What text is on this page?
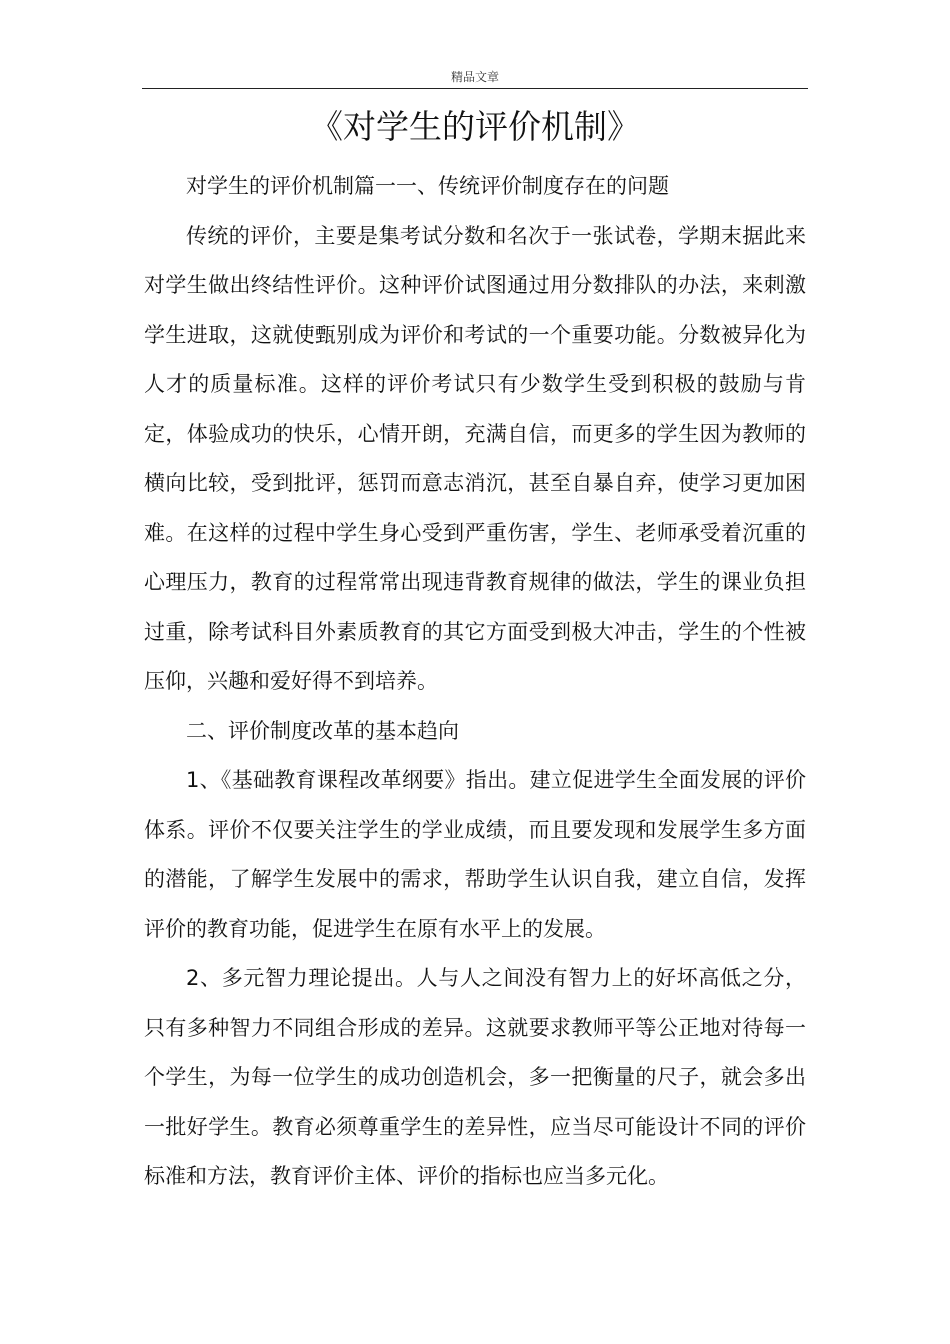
精品文章
《对学生的评价机制》

对学生的评价机制篇一一、传统评价制度存在的问题

传统的评价，主要是集考试分数和名次于一张试卷，学期末据此来对学生做出终结性评价。这种评价试图通过用分数排队的办法，来刺激学生进取，这就使甄别成为评价和考试的一个重要功能。分数被异化为人才的质量标准。这样的评价考试只有少数学生受到积极的鼓励与肯定，体验成功的快乐，心情开朗，充满自信，而更多的学生因为教师的横向比较，受到批评，惩罚而意志消沉，甚至自暴自弃，使学习更加困难。在这样的过程中学生身心受到严重伤害，学生、老师承受着沉重的心理压力，教育的过程常常出现违背教育规律的做法，学生的课业负担过重，除考试科目外素质教育的其它方面受到极大冲击，学生的个性被压仰，兴趣和爱好得不到培养。

二、评价制度改革的基本趋向

1、《基础教育课程改革纲要》指出。建立促进学生全面发展的评价体系。评价不仅要关注学生的学业成绩，而且要发现和发展学生多方面的潜能，了解学生发展中的需求，帮助学生认识自我，建立自信，发挥评价的教育功能，促进学生在原有水平上的发展。

2、多元智力理论提出。人与人之间没有智力上的好坏高低之分，只有多种智力不同组合形成的差异。这就要求教师平等公正地对待每一个学生，为每一位学生的成功创造机会，多一把衡量的尺子，就会多出一批好学生。教育必须尊重学生的差异性，应当尽可能设计不同的评价标准和方法，教育评价主体、评价的指标也应当多元化。
